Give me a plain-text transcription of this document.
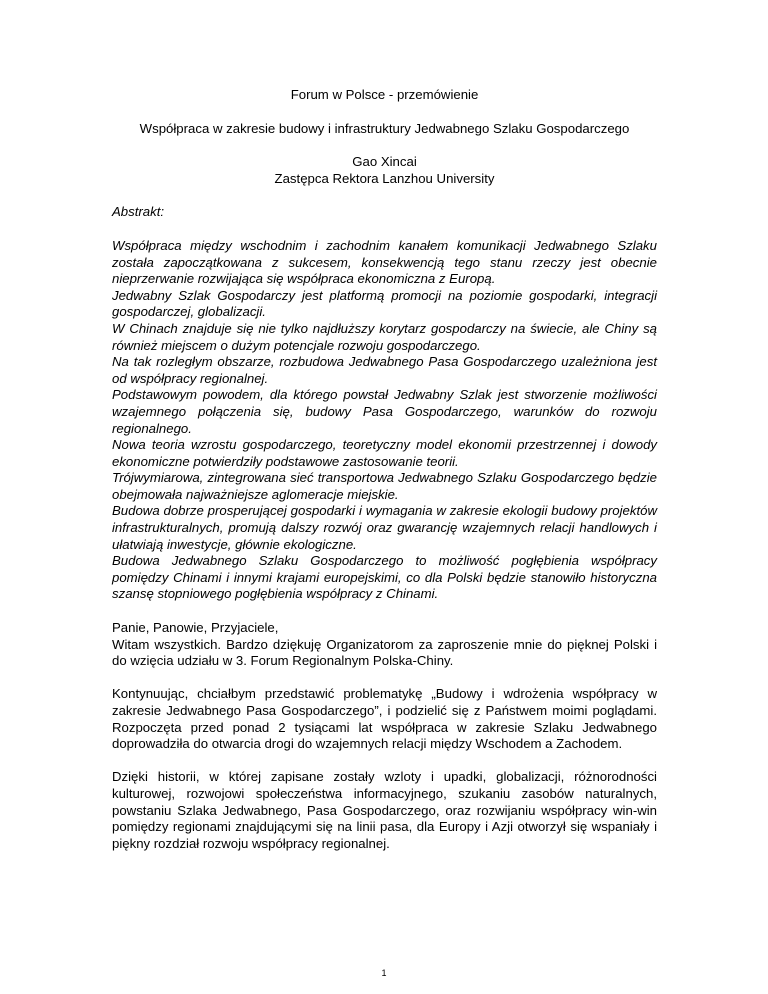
Forum w Polsce - przemówienie
Współpraca w zakresie budowy i infrastruktury Jedwabnego Szlaku Gospodarczego
Gao Xincai
Zastępca Rektora Lanzhou University
Abstrakt:

Współpraca między wschodnim i zachodnim kanałem komunikacji Jedwabnego Szlaku została zapoczątkowana z sukcesem, konsekwencją tego stanu rzeczy jest obecnie nieprzerwanie rozwijająca się współpraca ekonomiczna z Europą.

Jedwabny Szlak Gospodarczy jest platformą promocji na poziomie gospodarki, integracji gospodarczej, globalizacji.

W Chinach znajduje się nie tylko najdłuższy korytarz gospodarczy na świecie, ale Chiny są również miejscem o dużym potencjale rozwoju gospodarczego.

Na tak rozległym obszarze, rozbudowa Jedwabnego Pasa Gospodarczego uzależniona jest od współpracy regionalnej.

Podstawowym powodem, dla którego powstał Jedwabny Szlak jest stworzenie możliwości wzajemnego połączenia się, budowy Pasa Gospodarczego, warunków do rozwoju regionalnego.

Nowa teoria wzrostu gospodarczego, teoretyczny model ekonomii przestrzennej i dowody ekonomiczne potwierdziły podstawowe zastosowanie teorii.

Trójwymiarowa, zintegrowana sieć transportowa Jedwabnego Szlaku Gospodarczego będzie obejmowała najważniejsze aglomeracje miejskie.

Budowa dobrze prosperującej gospodarki i wymagania w zakresie ekologii budowy projektów infrastrukturalnych, promują dalszy rozwój oraz gwarancję wzajemnych relacji handlowych i ułatwiają inwestycje, głównie ekologiczne.

Budowa Jedwabnego Szlaku Gospodarczego to możliwość pogłębienia współpracy pomiędzy Chinami i innymi krajami europejskimi, co dla Polski będzie stanowiło historyczna szansę stopniowego pogłębienia współpracy z Chinami.

Panie, Panowie, Przyjaciele,
Witam wszystkich. Bardzo dziękuję Organizatorom za zaproszenie mnie do pięknej Polski i do wzięcia udziału w 3. Forum Regionalnym Polska-Chiny.

Kontynuując, chciałbym przedstawić problematykę „Budowy i wdrożenia współpracy w zakresie Jedwabnego Pasa Gospodarczego”, i podzielić się z Państwem moimi poglądami. Rozpoczęta przed ponad 2 tysiącami lat współpraca w zakresie Szlaku Jedwabnego doprowadziła do otwarcia drogi do wzajemnych relacji między Wschodem a Zachodem.

Dzięki historii, w której zapisane zostały wzloty i upadki, globalizacji, różnorodności kulturowej, rozwojowi społeczeństwa informacyjnego, szukaniu zasobów naturalnych, powstaniu Szlaka Jedwabnego, Pasa Gospodarczego, oraz rozwijaniu współpracy win-win pomiędzy regionami znajdującymi się na linii pasa, dla Europy i Azji otworzył się wspaniały i piękny rozdział rozwoju współpracy regionalnej.

1
